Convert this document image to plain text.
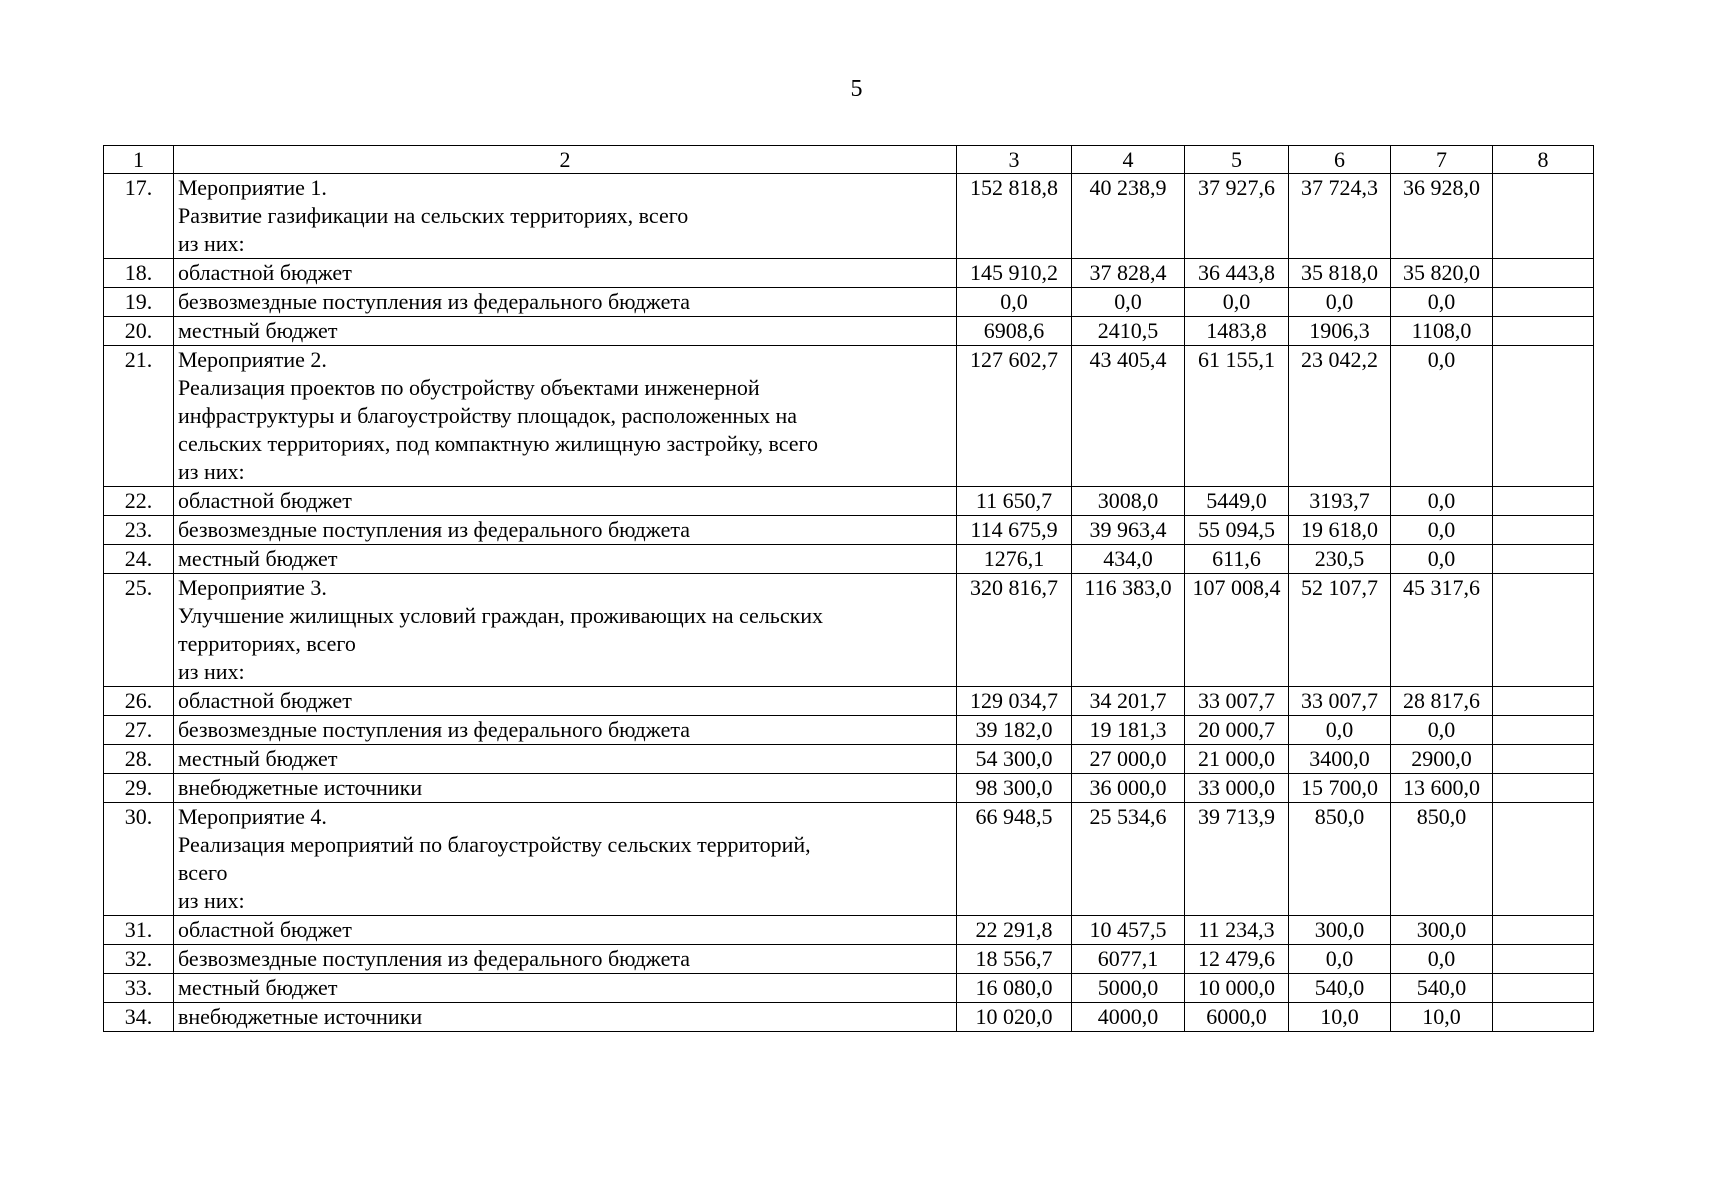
5
1	2	3	4	5	6	7	8
17.	Мероприятие 1.
Развитие газификации на сельских территориях, всего
из них:	152 818,8	40 238,9	37 927,6	37 724,3	36 928,0	
18.	областной бюджет	145 910,2	37 828,4	36 443,8	35 818,0	35 820,0	
19.	безвозмездные поступления из федерального бюджета	0,0	0,0	0,0	0,0	0,0	
20.	местный бюджет	6908,6	2410,5	1483,8	1906,3	1108,0	
21.	Мероприятие 2.
Реализация проектов по обустройству объектами инженерной
инфраструктуры и благоустройству площадок, расположенных на
сельских территориях, под компактную жилищную застройку, всего
из них:	127 602,7	43 405,4	61 155,1	23 042,2	0,0	
22.	областной бюджет	11 650,7	3008,0	5449,0	3193,7	0,0	
23.	безвозмездные поступления из федерального бюджета	114 675,9	39 963,4	55 094,5	19 618,0	0,0	
24.	местный бюджет	1276,1	434,0	611,6	230,5	0,0	
25.	Мероприятие 3.
Улучшение жилищных условий граждан, проживающих на сельских
территориях, всего
из них:	320 816,7	116 383,0	107 008,4	52 107,7	45 317,6	
26.	областной бюджет	129 034,7	34 201,7	33 007,7	33 007,7	28 817,6	
27.	безвозмездные поступления из федерального бюджета	39 182,0	19 181,3	20 000,7	0,0	0,0	
28.	местный бюджет	54 300,0	27 000,0	21 000,0	3400,0	2900,0	
29.	внебюджетные источники	98 300,0	36 000,0	33 000,0	15 700,0	13 600,0	
30.	Мероприятие 4.
Реализация мероприятий по благоустройству сельских территорий,
всего
из них:	66 948,5	25 534,6	39 713,9	850,0	850,0	
31.	областной бюджет	22 291,8	10 457,5	11 234,3	300,0	300,0	
32.	безвозмездные поступления из федерального бюджета	18 556,7	6077,1	12 479,6	0,0	0,0	
33.	местный бюджет	16 080,0	5000,0	10 000,0	540,0	540,0	
34.	внебюджетные источники	10 020,0	4000,0	6000,0	10,0	10,0	
